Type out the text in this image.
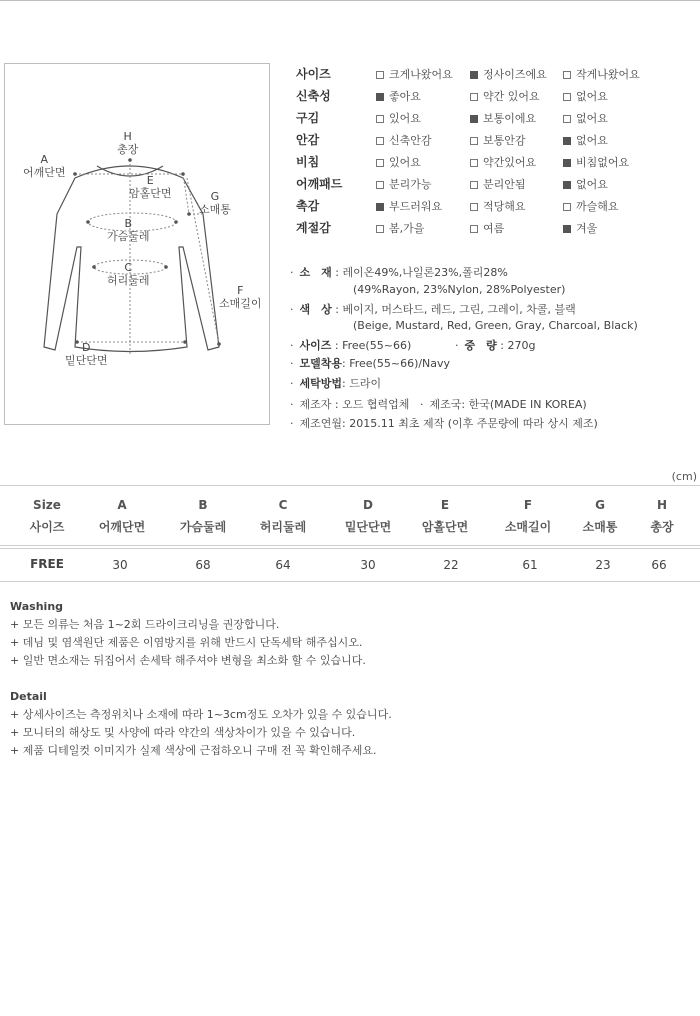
H
총장
A
어깨단면
E
암홀단면	G
소매통
B
가슴둘레
C
허리둘레
F
소매길이
D
밑단단면
사이즈	크게나왔어요	정사이즈에요	작게나왔어요
신축성	좋아요	약간 있어요	없어요
구김	있어요	보통이에요	없어요
안감	신축안감	보통안감	없어요
비침	있어요	약간있어요	비침없어요
어깨패드	분리가능	분리안됨	없어요
촉감	부드러워요	적당해요	까슬해요
계절감	봄,가을	여름	겨울
· 소　재 : 레이온49%,나일론23%,폴리28%
(49%Rayon, 23%Nylon, 28%Polyester)
· 색　상 : 베이지, 머스타드, 레드, 그린, 그레이, 차콜, 블랙
(Beige, Mustard, Red, Green, Gray, Charcoal, Black)
· 사이즈 : Free(55~66)	· 중　량 : 270g
· 모델착용: Free(55~66)/Navy
· 세탁방법: 드라이
· 제조자 : 오드 협력업체 · 제조국: 한국(MADE IN KOREA)
· 제조연월: 2015.11 최초 제작 (이후 주문량에 따라 상시 제조)
(cm)
Size	A	B	C	D	E	F	G	H
사이즈	어깨단면	가슴둘레	허리둘레	밑단단면	암홀단면	소매길이	소매통	총장
FREE	30	68	64	30	22	61	23	66
Washing
+ 모든 의류는 처음 1~2회 드라이크리닝을 권장합니다.
+ 데님 및 염색원단 제품은 이염방지를 위해 반드시 단독세탁 해주십시오.
+ 일반 면소재는 뒤집어서 손세탁 해주셔야 변형을 최소화 할 수 있습니다.
Detail
+ 상세사이즈는 측정위치나 소재에 따라 1~3cm정도 오차가 있을 수 있습니다.
+ 모니터의 해상도 및 사양에 따라 약간의 색상차이가 있을 수 있습니다.
+ 제품 디테일컷 이미지가 실제 색상에 근접하오니 구매 전 꼭 확인해주세요.
